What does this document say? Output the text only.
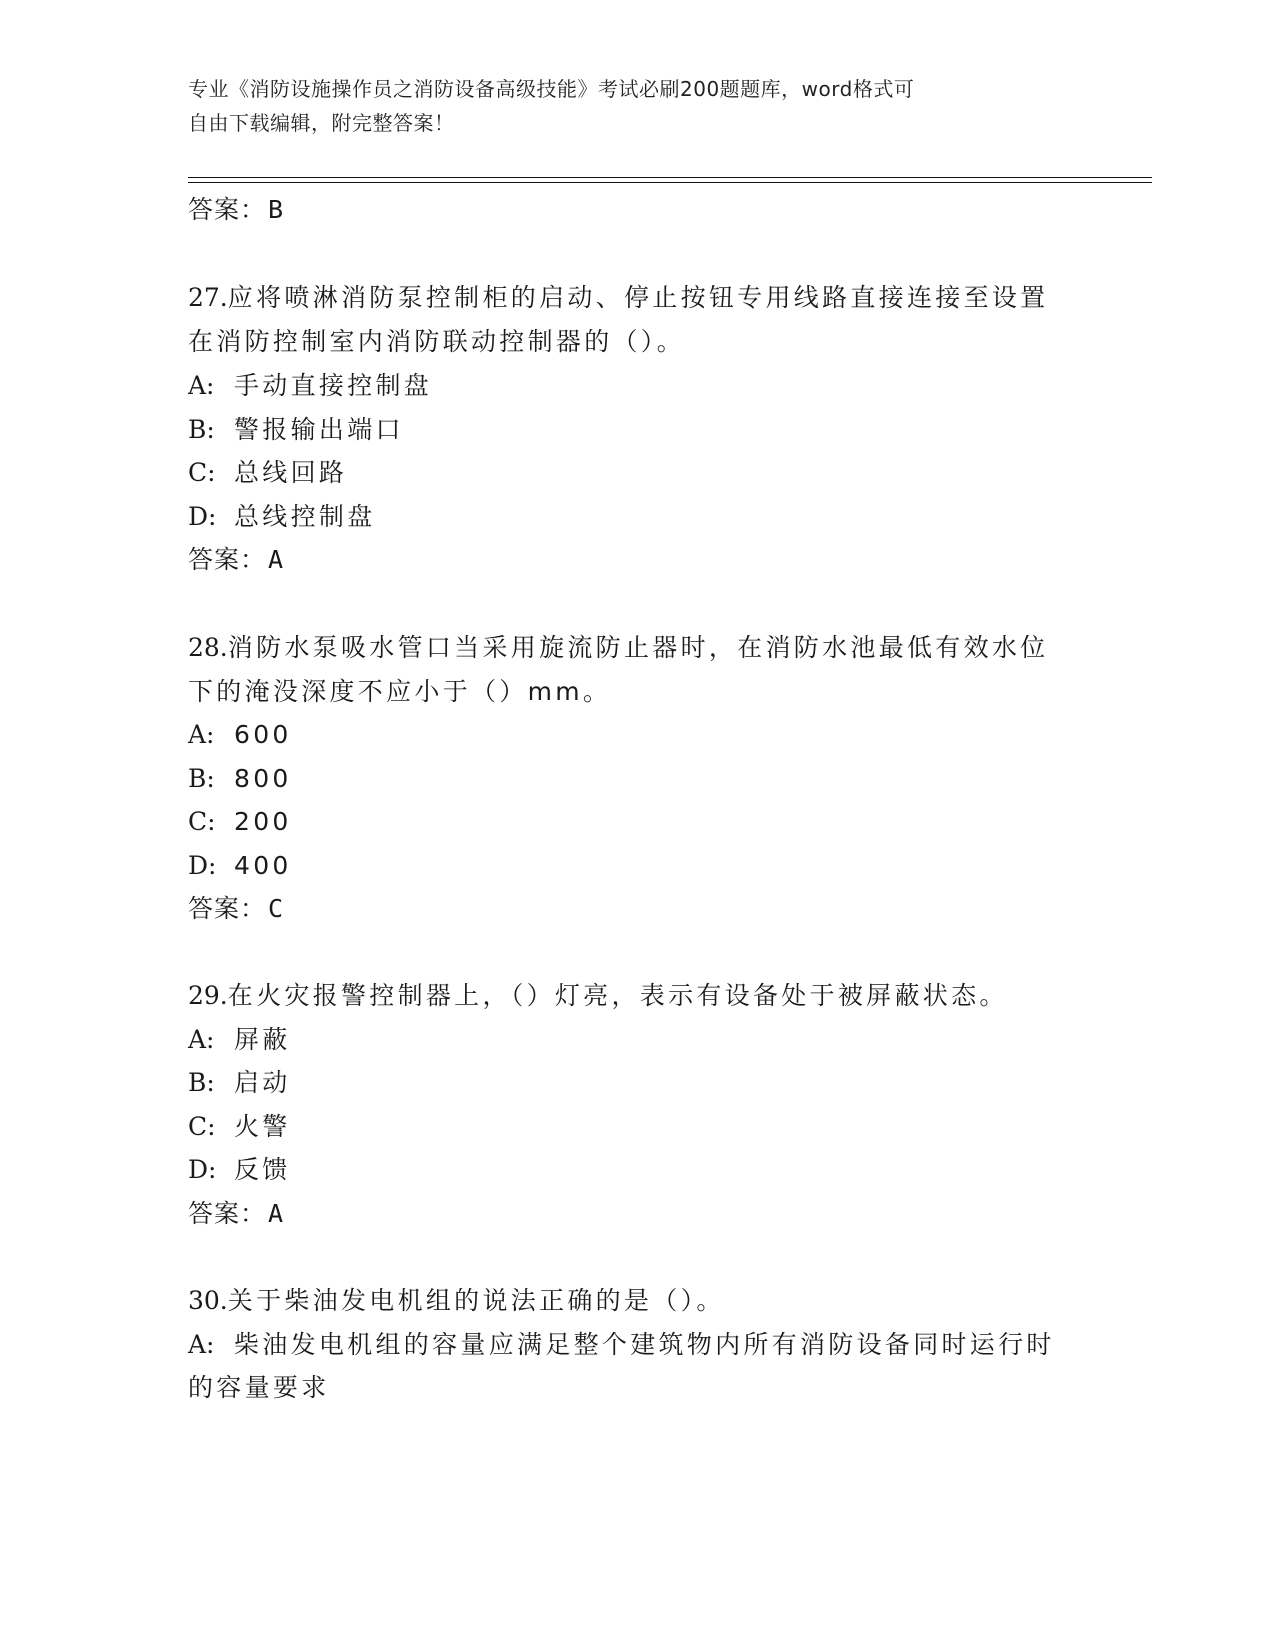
专业《消防设施操作员之消防设备高级技能》考试必刷200题题库，word格式可
自由下载编辑，附完整答案！
答案：B
27.应将喷淋消防泵控制柜的启动、停止按钮专用线路直接连接至设置
在消防控制室内消防联动控制器的（）。
A: 手动直接控制盘
B: 警报输出端口
C: 总线回路
D: 总线控制盘
答案：A
28.消防水泵吸水管口当采用旋流防止器时，在消防水池最低有效水位
下的淹没深度不应小于（）mm。
A: 600
B: 800
C: 200
D: 400
答案：C
29.在火灾报警控制器上，（）灯亮，表示有设备处于被屏蔽状态。
A: 屏蔽
B: 启动
C: 火警
D: 反馈
答案：A
30.关于柴油发电机组的说法正确的是（）。
A: 柴油发电机组的容量应满足整个建筑物内所有消防设备同时运行时
的容量要求
